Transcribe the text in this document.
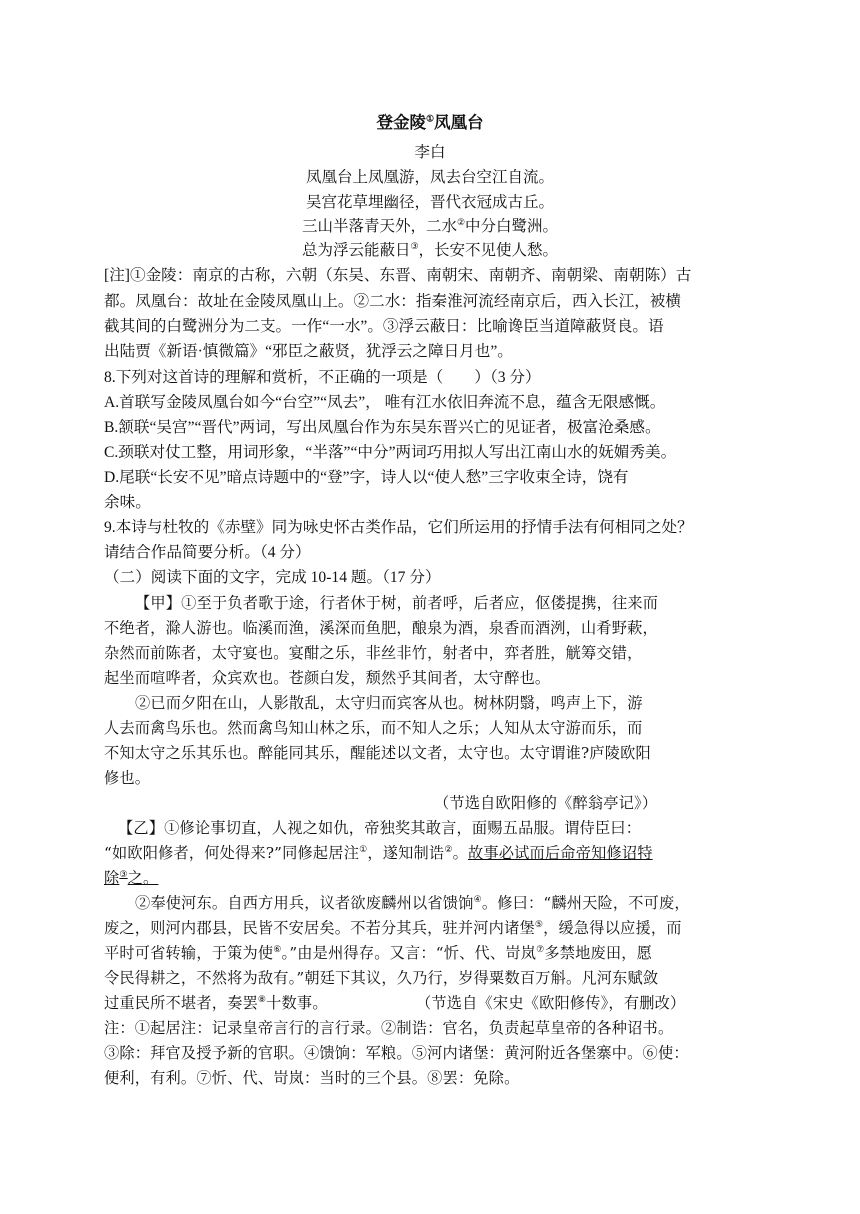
登金陵①凤凰台
李白
凤凰台上凤凰游，凤去台空江自流。
吴宫花草埋幽径，晋代衣冠成古丘。
三山半落青天外，二水②中分白鹭洲。
总为浮云能蔽日③，长安不见使人愁。
[注]①金陵：南京的古称，六朝（东吴、东晋、南朝宋、南朝齐、南朝梁、南朝陈）古
都。凤凰台：故址在金陵凤凰山上。②二水：指秦淮河流经南京后，西入长江，被横
截其间的白鹭洲分为二支。一作“一水”。③浮云蔽日：比喻谗臣当道障蔽贤良。语
出陆贾《新语·慎微篇》“邪臣之蔽贤，犹浮云之障日月也”。
8.下列对这首诗的理解和赏析，不正确的一项是（　　）（3 分）
A.首联写金陵凤凰台如今“台空”“凤去”， 唯有江水依旧奔流不息，蕴含无限感慨。
B.颔联“吴宫”“晋代”两词，写出凤凰台作为东吴东晋兴亡的见证者，极富沧桑感。
C.颈联对仗工整，用词形象，“半落”“中分”两词巧用拟人写出江南山水的妩媚秀美。
D.尾联“长安不见”暗点诗题中的“登”字，诗人以“使人愁”三字收束全诗，饶有
余味。
9.本诗与杜牧的《赤壁》同为咏史怀古类作品，它们所运用的抒情手法有何相同之处？
请结合作品简要分析。（4 分）
（二）阅读下面的文字，完成 10-14 题。（17 分）
【甲】①至于负者歌于途，行者休于树，前者呼，后者应，伛偻提携，往来而
不绝者，滁人游也。临溪而渔，溪深而鱼肥，酿泉为酒，泉香而酒洌，山肴野蔌，
杂然而前陈者，太守宴也。宴酣之乐，非丝非竹，射者中，弈者胜，觥筹交错，
起坐而喧哗者，众宾欢也。苍颜白发，颓然乎其间者，太守醉也。
②已而夕阳在山，人影散乱，太守归而宾客从也。树林阴翳，鸣声上下，游
人去而禽鸟乐也。然而禽鸟知山林之乐，而不知人之乐；人知从太守游而乐，而
不知太守之乐其乐也。醉能同其乐，醒能述以文者，太守也。太守谓谁?庐陵欧阳
修也。
（节选自欧阳修的《醉翁亭记》）
【乙】①修论事切直，人视之如仇，帝独奖其敢言，面赐五品服。谓侍臣曰：
“如欧阳修者，何处得来?”同修起居注①，遂知制诰②。故事必试而后命帝知修诏特
除③之。
②奉使河东。自西方用兵，议者欲废麟州以省馈饷④。修曰：“麟州天险，不可废，
废之，则河内郡县，民皆不安居矣。不若分其兵，驻并河内诸堡⑤，缓急得以应援，而
平时可省转输，于策为使⑥。”由是州得存。又言：“忻、代、岢岚⑦多禁地废田，愿
令民得耕之，不然将为敌有。”朝廷下其议，久乃行，岁得粟数百万斛。凡河东赋敛
过重民所不堪者，奏罢⑧十数事。	（节选自《宋史《欧阳修传》，有删改）
注：①起居注：记录皇帝言行的言行录。②制诰：官名，负责起草皇帝的各种诏书。
③除：拜官及授予新的官职。④馈饷：军粮。⑤河内诸堡：黄河附近各堡寨中。⑥使：
便利，有利。⑦忻、代、岢岚：当时的三个县。⑧罢：免除。
